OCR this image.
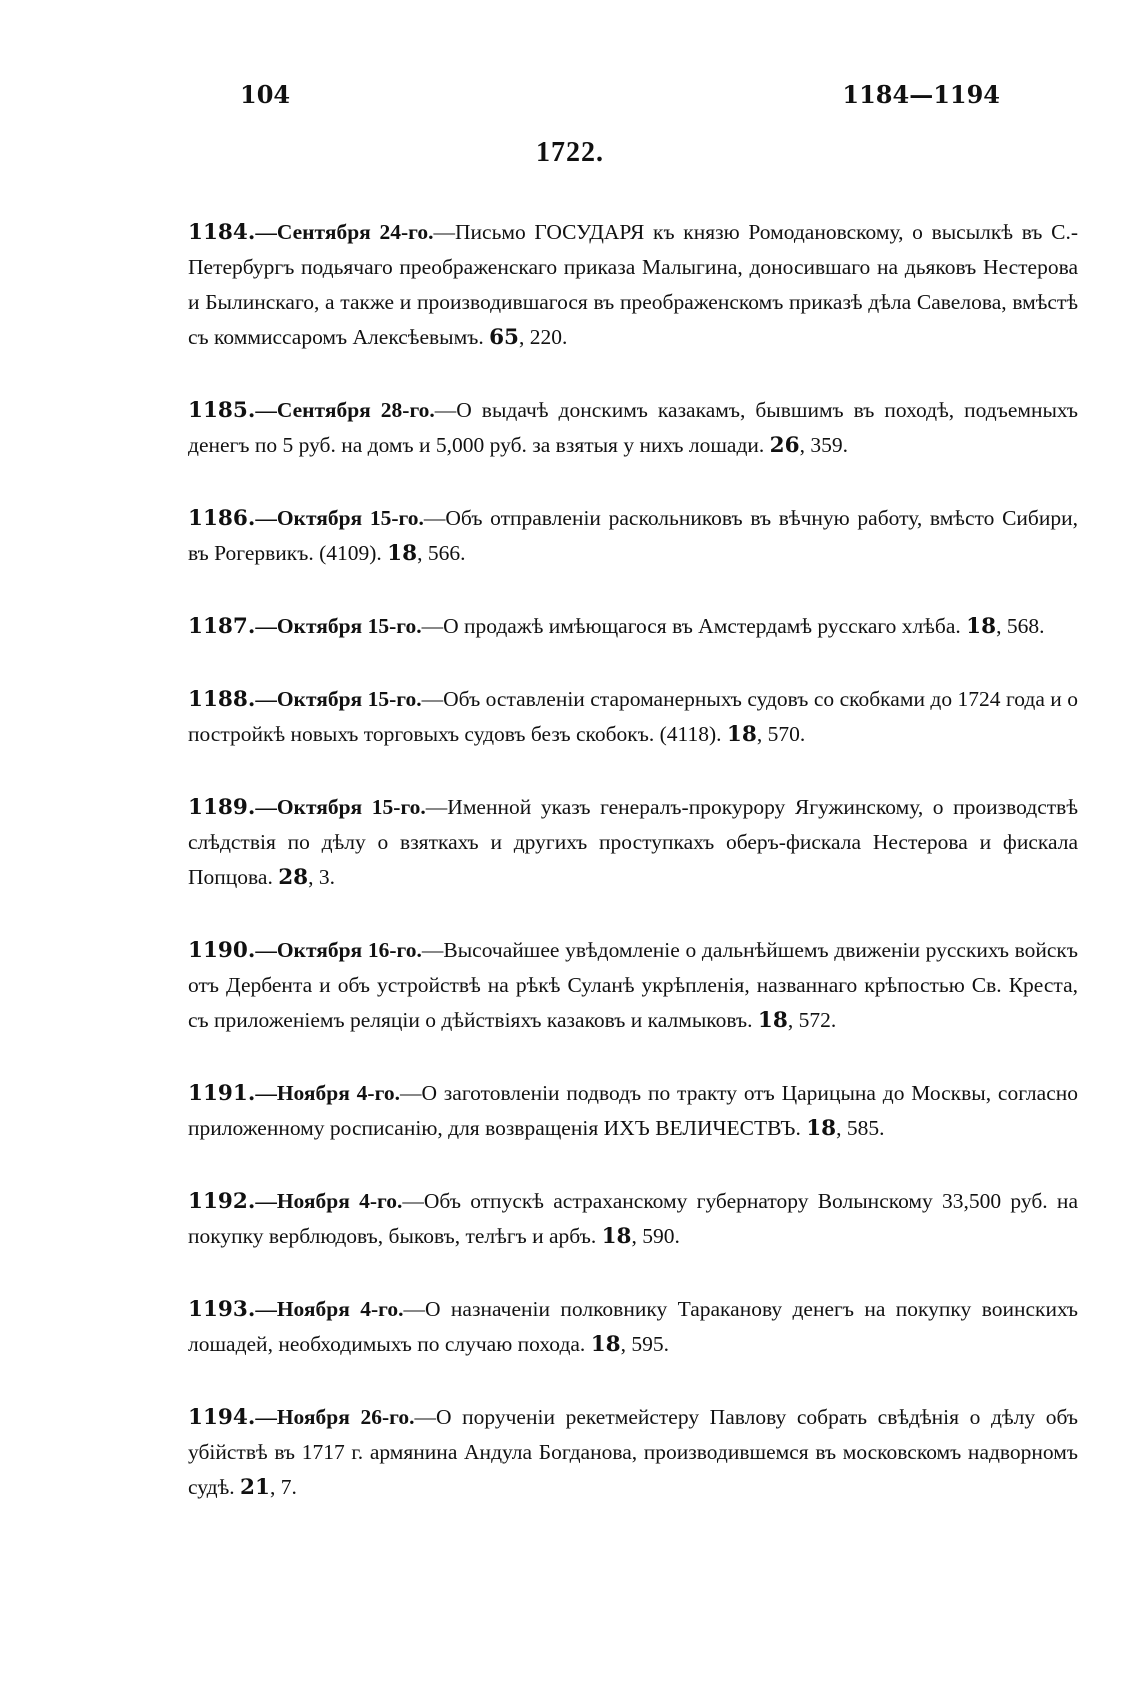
104	1184—1194
1722.

1184.—Сентября 24-го.—Письмо ГОСУДАРЯ къ князю Ромодановскому, о высылкѣ въ С.-Петербургъ подьячаго преображенскаго приказа Малыгина, доносившаго на дьяковъ Нестерова и Былинскаго, а также и производившагося въ преображенскомъ приказѣ дѣла Савелова, вмѣстѣ съ коммиссаромъ Алексѣевымъ. 65, 220.

1185.—Сентября 28-го.—О выдачѣ донскимъ казакамъ, бывшимъ въ походѣ, подъемныхъ денегъ по 5 руб. на домъ и 5,000 руб. за взятыя у нихъ лошади. 26, 359.

1186.—Октября 15-го.—Объ отправленіи раскольниковъ въ вѣчную работу, вмѣсто Сибири, въ Рогервикъ. (4109). 18, 566.

1187.—Октября 15-го.—О продажѣ имѣющагося въ Амстердамѣ русскаго хлѣба. 18, 568.

1188.—Октября 15-го.—Объ оставленіи староманерныхъ судовъ со скобками до 1724 года и о постройкѣ новыхъ торговыхъ судовъ безъ скобокъ. (4118). 18, 570.

1189.—Октября 15-го.—Именной указъ генералъ-прокурору Ягужинскому, о производствѣ слѣдствія по дѣлу о взяткахъ и другихъ проступкахъ оберъ-фискала Нестерова и фискала Попцова. 28, 3.

1190.—Октября 16-го.—Высочайшее увѣдомленіе о дальнѣйшемъ движеніи русскихъ войскъ отъ Дербента и объ устройствѣ на рѣкѣ Суланѣ укрѣпленія, названнаго крѣпостью Св. Креста, съ приложеніемъ реляціи о дѣйствіяхъ казаковъ и калмыковъ. 18, 572.

1191.—Ноября 4-го.—О заготовленіи подводъ по тракту отъ Царицына до Москвы, согласно приложенному росписанію, для возвращенія ИХЪ ВЕЛИЧЕСТВЪ. 18, 585.

1192.—Ноября 4-го.—Объ отпускѣ астраханскому губернатору Волынскому 33,500 руб. на покупку верблюдовъ, быковъ, телѣгъ и арбъ. 18, 590.

1193.—Ноября 4-го.—О назначеніи полковнику Тараканову денегъ на покупку воинскихъ лошадей, необходимыхъ по случаю похода. 18, 595.

1194.—Ноября 26-го.—О порученіи рекетмейстеру Павлову собрать свѣдѣнія о дѣлу объ убійствѣ въ 1717 г. армянина Андула Богданова, производившемся въ московскомъ надворномъ судѣ. 21, 7.
